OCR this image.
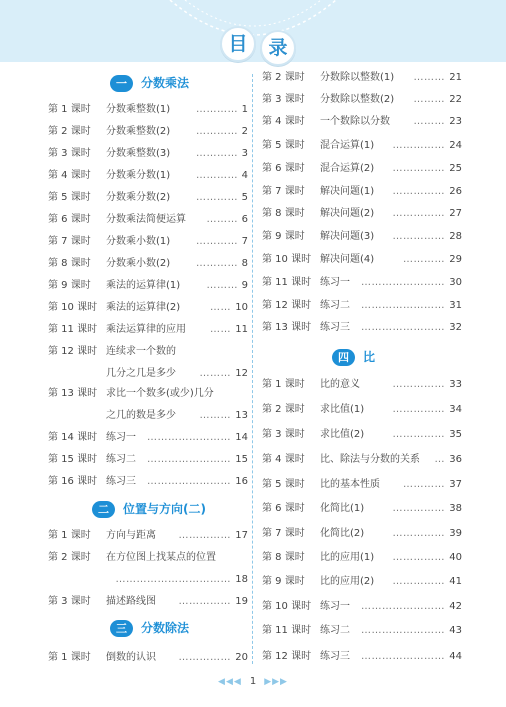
目	录
一 分数乘法
二 位置与方向(二)
三 分数除法
第 1 课时 分数乘整数(1)	………… 1
第 2 课时 分数乘整数(2)	………… 2
第 3 课时 分数乘整数(3)	………… 3
第 4 课时 分数乘分数(1)	………… 4
第 5 课时 分数乘分数(2)	………… 5
第 6 课时 分数乘法简便运算	……… 6
第 7 课时 分数乘小数(1)	………… 7
第 8 课时 分数乘小数(2)	………… 8
第 9 课时 乘法的运算律(1)	……… 9
第 10 课时 乘法的运算律(2)	…… 10
第 11 课时 乘法运算律的应用	…… 11
第 12 课时 连续求一个数的
几分之几是多少	……… 12
第 13 课时 求比一个数多(或少)几分
之几的数是多少	……… 13
第 14 课时 练习一	…………………… 14
第 15 课时 练习二	…………………… 15
第 16 课时 练习三	…………………… 16
第 1 课时 方向与距离	…………… 17
第 2 课时 在方位图上找某点的位置
…………………………… 18
第 3 课时 描述路线图	…………… 19
第 1 课时 倒数的认识	…………… 20
四 比
第 2 课时 分数除以整数(1)	……… 21
第 3 课时 分数除以整数(2)	……… 22
第 4 课时 一个数除以分数	……… 23
第 5 课时 混合运算(1)	…………… 24
第 6 课时 混合运算(2)	…………… 25
第 7 课时 解决问题(1)	…………… 26
第 8 课时 解决问题(2)	…………… 27
第 9 课时 解决问题(3)	…………… 28
第 10 课时 解决问题(4)	………… 29
第 11 课时 练习一	…………………… 30
第 12 课时 练习二	…………………… 31
第 13 课时 练习三	…………………… 32
第 1 课时 比的意义	…………… 33
第 2 课时 求比值(1)	…………… 34
第 3 课时 求比值(2)	…………… 35
第 4 课时 比、除法与分数的关系	… 36
第 5 课时 比的基本性质	………… 37
第 6 课时 化简比(1)	…………… 38
第 7 课时 化简比(2)	…………… 39
第 8 课时 比的应用(1)	…………… 40
第 9 课时 比的应用(2)	…………… 41
第 10 课时 练习一	…………………… 42
第 11 课时 练习二	…………………… 43
第 12 课时 练习三	…………………… 44
◀◀◀ 1 ▶▶▶
